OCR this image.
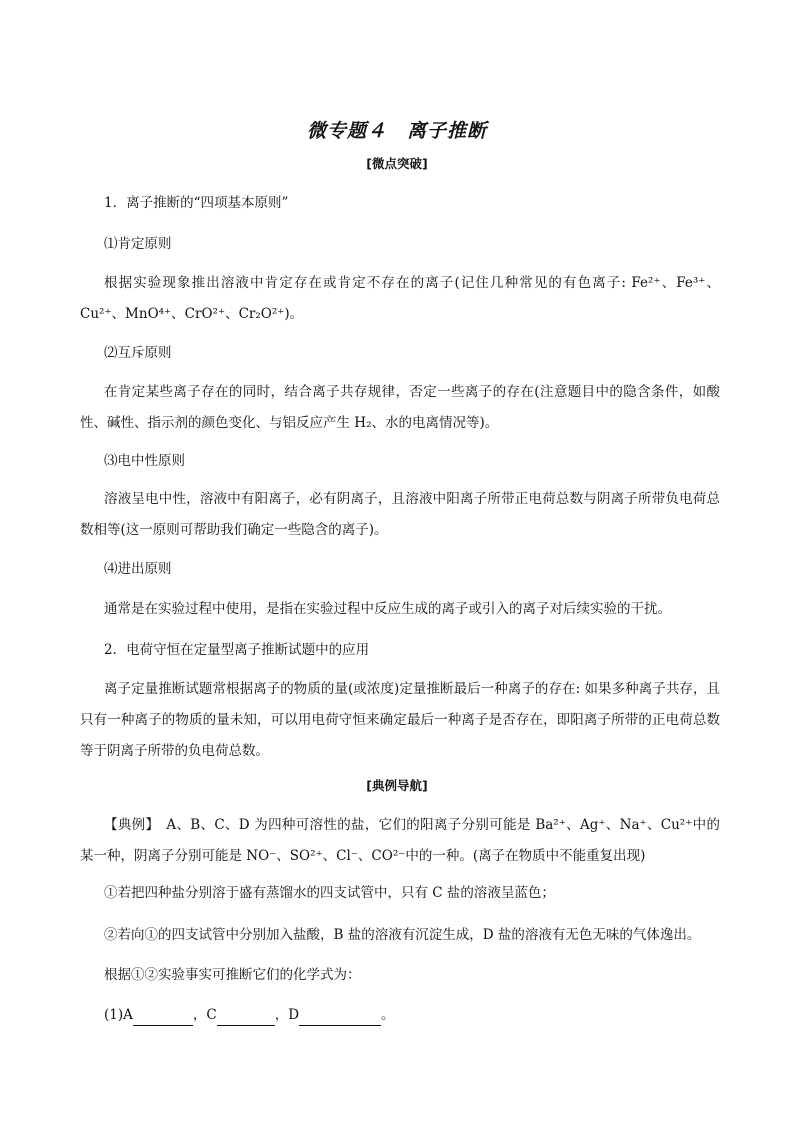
微专题４　离子推断
[微点突破]
1．离子推断的“四项基本原则”
⑴肯定原则
根据实验现象推出溶液中肯定存在或肯定不存在的离子(记住几种常见的有色离子: Fe²⁺、Fe³⁺、Cu²⁺、MnO⁴⁺、CrO²⁺、Cr₂O²⁺)。
⑵互斥原则
在肯定某些离子存在的同时，结合离子共存规律，否定一些离子的存在(注意题目中的隐含条件，如酸性、碱性、指示剂的颜色变化、与铝反应产生 H₂、水的电离情况等)。
⑶电中性原则
溶液呈电中性，溶液中有阳离子，必有阴离子，且溶液中阳离子所带正电荷总数与阴离子所带负电荷总数相等(这一原则可帮助我们确定一些隐含的离子)。
⑷进出原则
通常是在实验过程中使用，是指在实验过程中反应生成的离子或引入的离子对后续实验的干扰。
2．电荷守恒在定量型离子推断试题中的应用
离子定量推断试题常根据离子的物质的量(或浓度)定量推断最后一种离子的存在: 如果多种离子共存，且只有一种离子的物质的量未知，可以用电荷守恒来确定最后一种离子是否存在，即阳离子所带的正电荷总数等于阴离子所带的负电荷总数。
[典例导航]
【典例】　A、B、C、D 为四种可溶性的盐，它们的阳离子分别可能是 Ba²⁺、Ag⁺、Na⁺、Cu²⁺中的某一种，阴离子分别可能是 NO⁻、SO²⁺、Cl⁻、CO²⁻中的一种。(离子在物质中不能重复出现)
①若把四种盐分别溶于盛有蒸馏水的四支试管中，只有 C 盐的溶液呈蓝色；
②若向①的四支试管中分别加入盐酸，B 盐的溶液有沉淀生成，D 盐的溶液有无色无味的气体逸出。
根据①②实验事实可推断它们的化学式为：
(1)A	，C	，D	。
